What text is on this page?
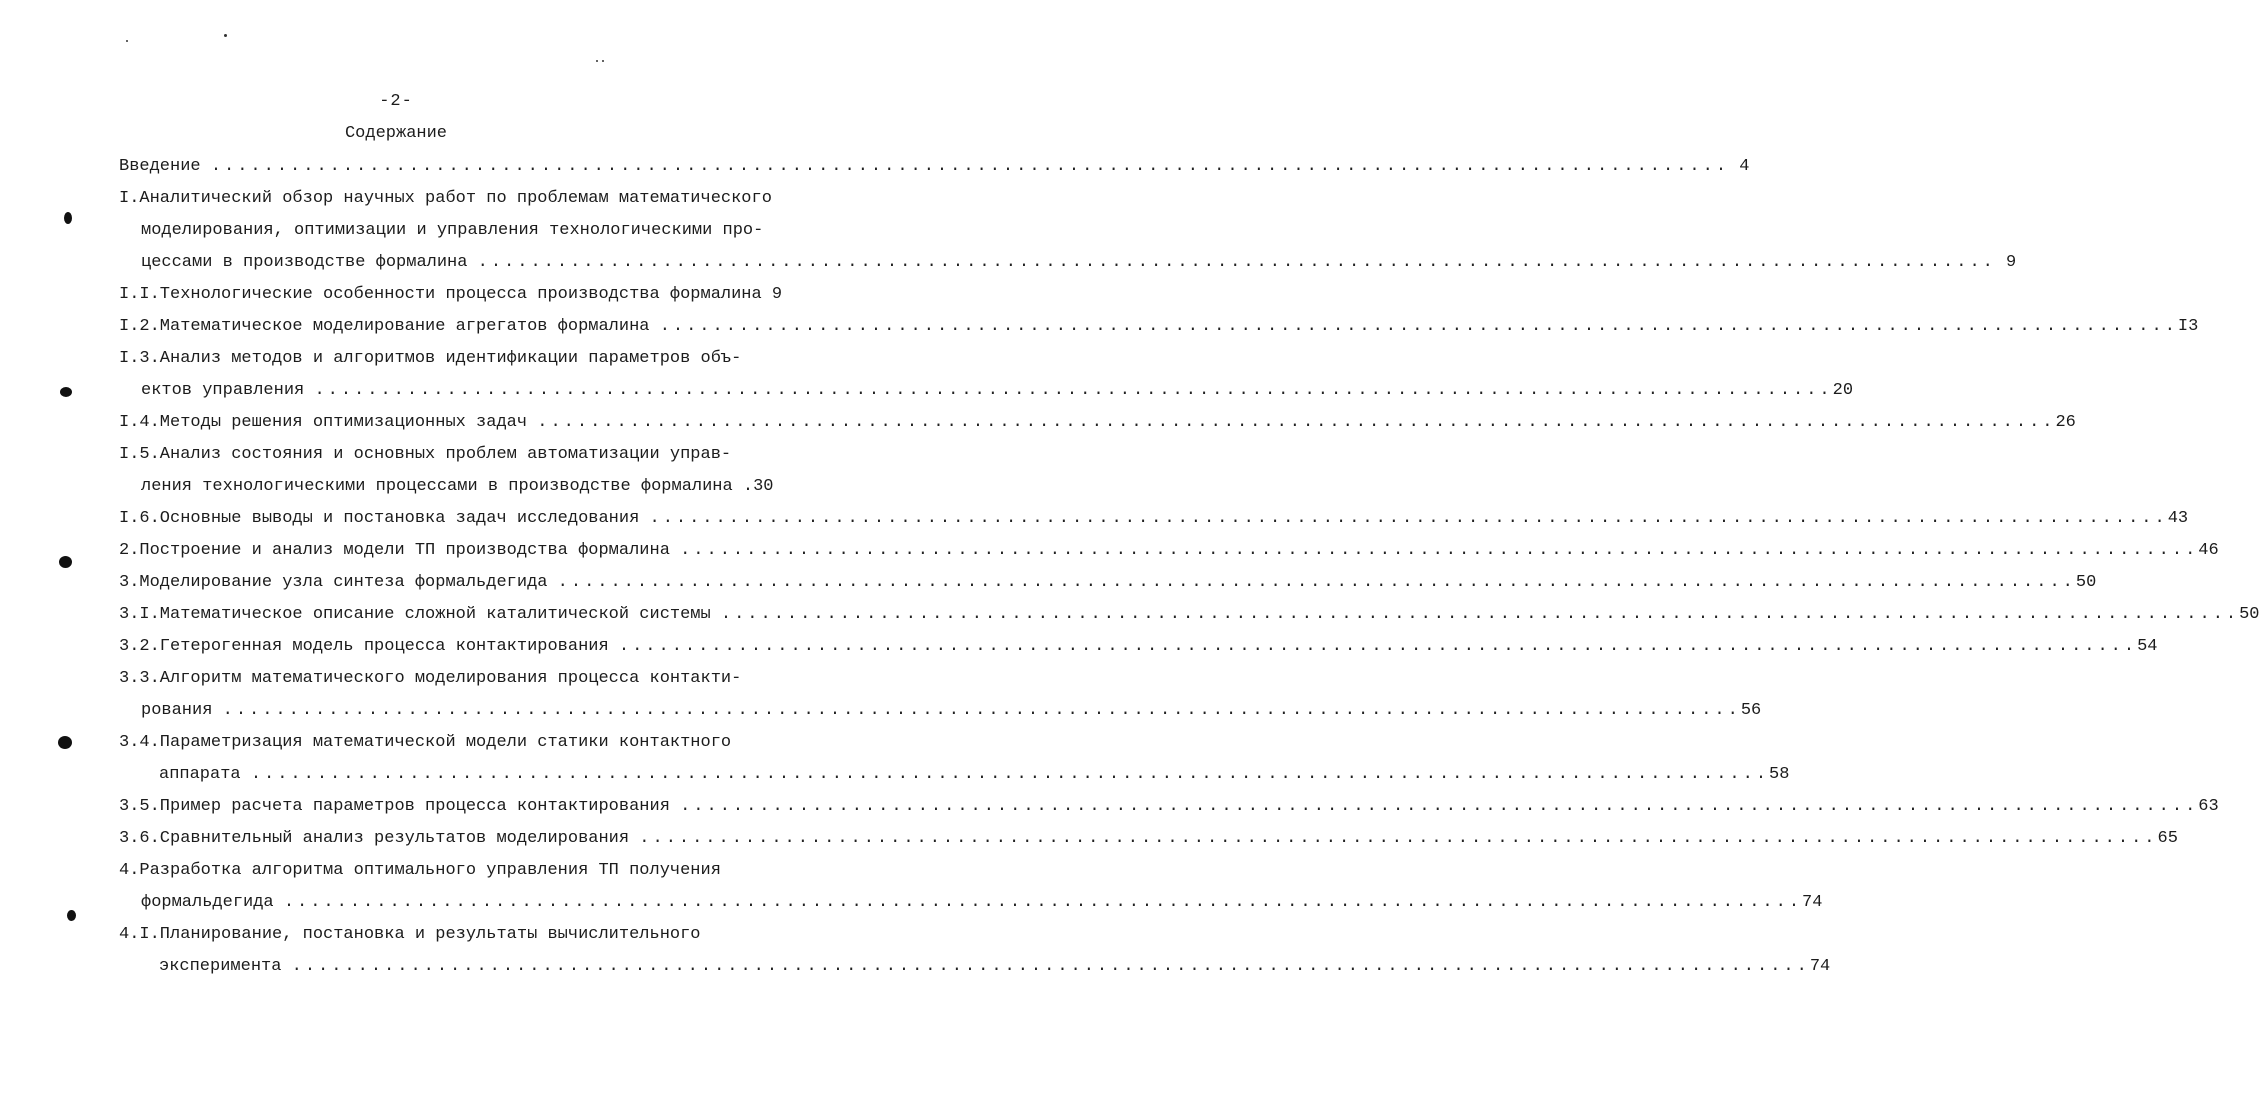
-2-
Содержание
Введение ................................................................................................................... 4
I.Аналитический обзор научных работ по проблемам математического
моделирования, оптимизации и управления технологическими про-
цессами в производстве формалина ................................................................................................................... 9
I.I.Технологические особенности процесса производства формалина 9
I.2.Математическое моделирование агрегатов формалина ................................................................................................................... I3
I.3.Анализ методов и алгоритмов идентификации параметров объ-
ектов управления ................................................................................................................... 20
I.4.Методы решения оптимизационных задач ................................................................................................................... 26
I.5.Анализ состояния и основных проблем автоматизации управ-
ления технологическими процессами в производстве формалина .30
I.6.Основные выводы и постановка задач исследования ................................................................................................................... 43
2.Построение и анализ модели ТП производства формалина ................................................................................................................... 46
3.Моделирование узла синтеза формальдегида ................................................................................................................... 50
3.I.Математическое описание сложной каталитической системы ................................................................................................................... 50
3.2.Гетерогенная модель процесса контактирования ................................................................................................................... 54
3.3.Алгоритм математического моделирования процесса контакти-
рования ................................................................................................................... 56
3.4.Параметризация математической модели статики контактного
аппарата ................................................................................................................... 58
3.5.Пример расчета параметров процесса контактирования ................................................................................................................... 63
3.6.Сравнительный анализ результатов моделирования ................................................................................................................... 65
4.Разработка алгоритма оптимального управления ТП получения
формальдегида ................................................................................................................... 74
4.I.Планирование, постановка и результаты вычислительного
эксперимента ................................................................................................................... 74
